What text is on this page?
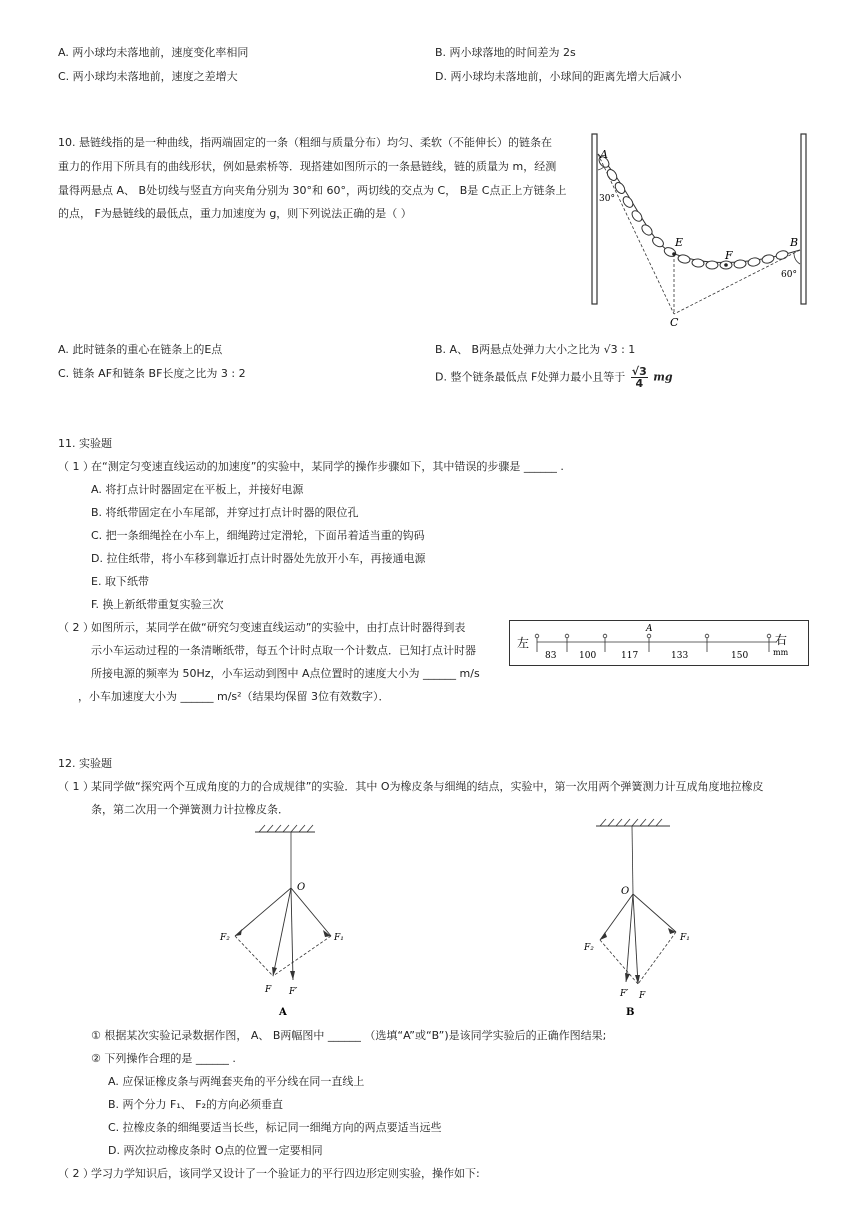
A. 两小球均未落地前，速度变化率相同	B. 两小球落地的时间差为 2s
C. 两小球均未落地前，速度之差增大	D. 两小球均未落地前，小球间的距离先增大后减小
10. 悬链线指的是一种曲线，指两端固定的一条（粗细与质量分布）均匀、柔软（不能伸长）的链条在
重力的作用下所具有的曲线形状，例如悬索桥等．现搭建如图所示的一条悬链线，链的质量为 m，经测
量得两悬点 A、 B处切线与竖直方向夹角分别为 30°和 60°，两切线的交点为 C， B是 C点正上方链条上
的点， F为悬链线的最低点，重力加速度为 g，则下列说法正确的是（ ）
A
B
C
E
F
30°
60°
A. 此时链条的重心在链条上的E点	B. A、 B两悬点处弹力大小之比为 √3 : 1
C. 链条 AF和链条 BF长度之比为 3 : 2	D. 整个链条最低点 F处弹力最小且等于 $\frac{√3}{4}$ mg
11. 实验题
（ 1 ）
在“测定匀变速直线运动的加速度”的实验中，某同学的操作步骤如下，其中错误的步骤是 ______ .
A. 将打点计时器固定在平板上，并接好电源
B. 将纸带固定在小车尾部，并穿过打点计时器的限位孔
C. 把一条细绳拴在小车上，细绳跨过定滑轮，下面吊着适当重的钩码
D. 拉住纸带，将小车移到靠近打点计时器处先放开小车，再接通电源
E. 取下纸带
F. 换上新纸带重复实验三次
（ 2 ）
如图所示，某同学在做“研究匀变速直线运动”的实验中，由打点计时器得到表
示小车运动过程的一条清晰纸带，每五个计时点取一个计数点．已知打点计时器
所接电源的频率为 50Hz，小车运动到图中 A点位置时的速度大小为 ______ m/s
，小车加速度大小为 ______ m/s²（结果均保留 3位有效数字）．
左	右
mm
A
83	100	117	133	150
12. 实验题
（ 1 ）
某同学做“探究两个互成角度的力的合成规律”的实验．其中 O为橡皮条与细绳的结点，实验中，第一次用两个弹簧测力计互成角度地拉橡皮
条，第二次用一个弹簧测力计拉橡皮条．
O
F₂	F₁
F F′
A
O
F₂
F₁
F′ F
B
① 根据某次实验记录数据作图， A、 B两幅图中 ______ （选填“A”或“B”)是该同学实验后的正确作图结果;
② 下列操作合理的是 ______ .
A. 应保证橡皮条与两绳套夹角的平分线在同一直线上
B. 两个分力 F₁、 F₂的方向必须垂直
C. 拉橡皮条的细绳要适当长些，标记同一细绳方向的两点要适当远些
D. 两次拉动橡皮条时 O点的位置一定要相同
（ 2 ）
学习力学知识后，该同学又设计了一个验证力的平行四边形定则实验，操作如下:
